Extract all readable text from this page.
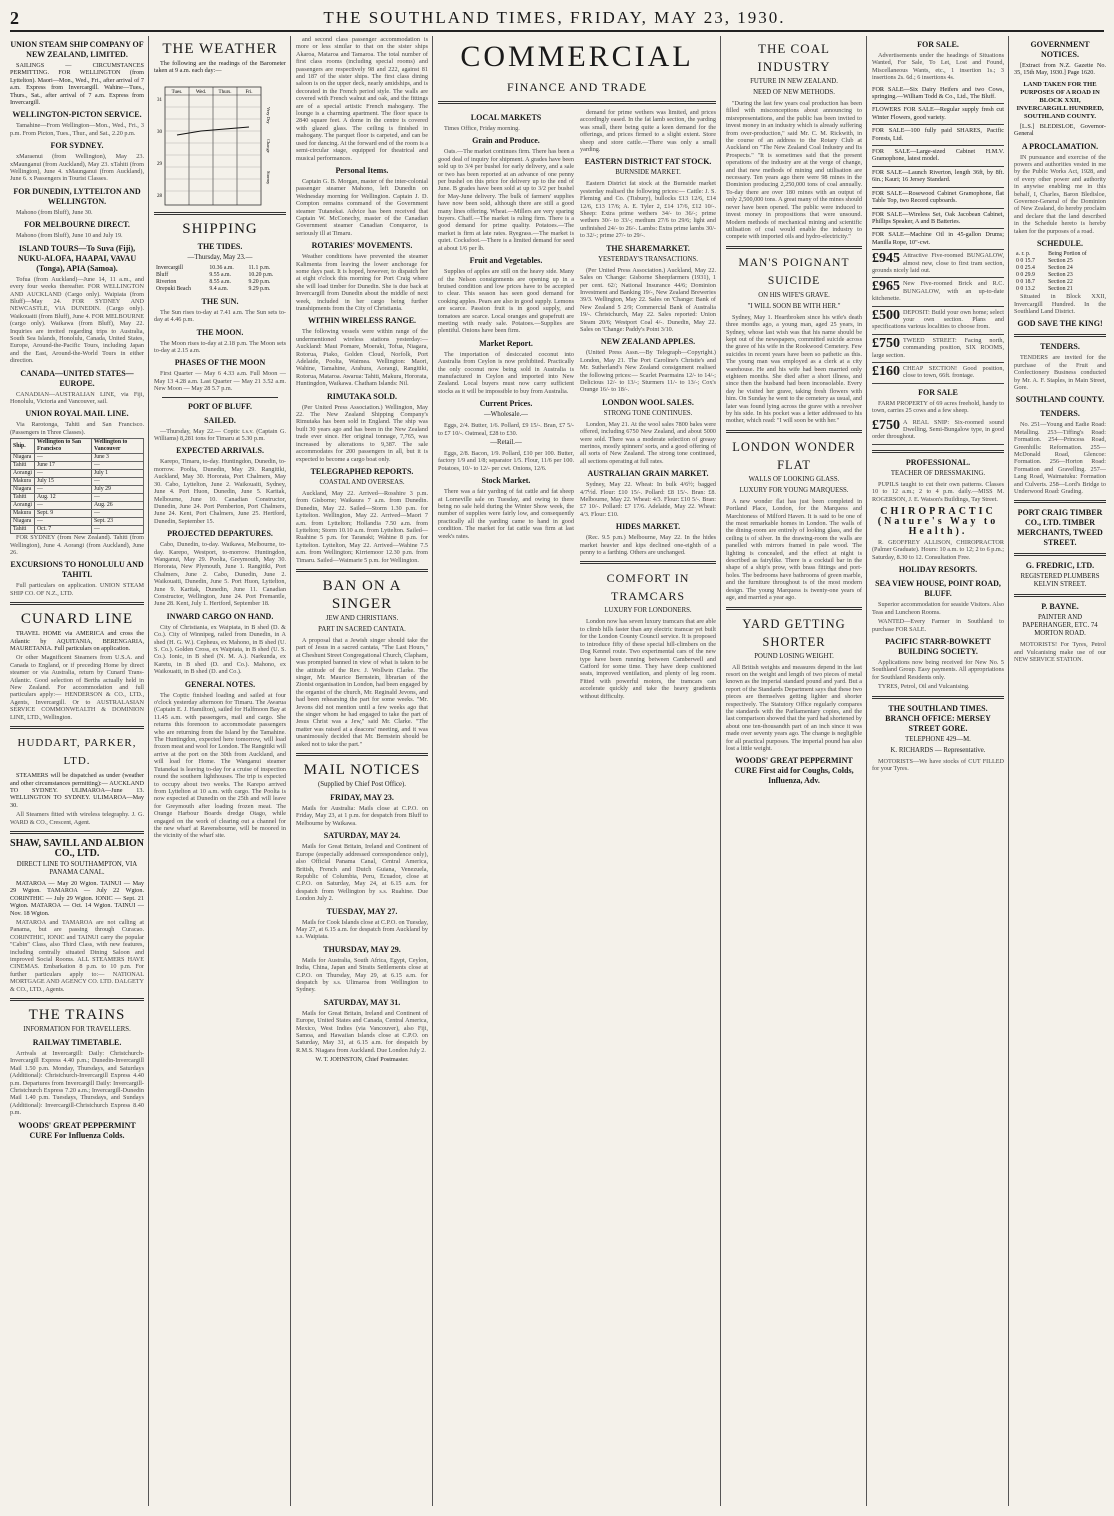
2	THE SOUTHLAND TIMES, FRIDAY, MAY 23, 1930.
UNION STEAM SHIP COMPANY OF NEW ZEALAND, LIMITED.

SAILINGS — CIRCUMSTANCES PERMITTING. FOR WELLINGTON (from Lyttelton). Maori—Mon., Wed., Fri., after arrival of 7 a.m. Express from Invercargill. Wahine—Tues., Thurs., Sat., after arrival of 7 a.m. Express from Invercargill.

WELLINGTON-PICTON SERVICE.

Tamahine—From Wellington—Mon., Wed., Fri., 3 p.m. From Picton, Tues., Thur., and Sat., 2.20 p.m.

FOR SYDNEY.

xMaraenui (from Wellington), May 23. xMaunganui (from Auckland), May 23. xTahiti (from Wellington), June 4. xMaunganui (from Auckland), June 6. x Passengers in Tourist Classes.

FOR DUNEDIN, LYTTELTON AND WELLINGTON.

Mahono (from Bluff), June 30.

FOR MELBOURNE DIRECT.

Mahono (from Bluff), June 10 and July 19.

ISLAND TOURS—To Suva (Fiji), NUKU-ALOFA, HAAPAI, VAVAU (Tonga), APIA (Samoa).

Tofua (from Auckland)—June 14, 11 a.m., and every four weeks thereafter. FOR WELLINGTON AND AUCKLAND (Cargo only). Waipiata (from Bluff)—May 24. FOR SYDNEY AND NEWCASTLE, VIA DUNEDIN. (Cargo only). Waikouaiti (from Bluff), June 4. FOR MELBOURNE (cargo only). Waikawa (from Bluff), May 22. Inquiries are invited regarding trips to Australia, South Sea Islands, Honolulu, Canada, United States, Europe, Around-the-Pacific Tours, including Japan and the East, Around-the-World Tours in either direction.

CANADA—UNITED STATES—EUROPE.

CANADIAN—AUSTRALIAN LINE, via Fiji, Honolulu, Victoria and Vancouver, sail.

UNION ROYAL MAIL LINE.

Via Rarotonga, Tahiti and San Francisco. (Passengers in Three Classes).

Ship.	Wellington to San Francisco	Wellington to Vancouver
Niagara	—	June 3
Tahiti	June 17	—
Aorangi	—	July 1
Makura	July 15	—
Niagara	—	July 29
Tahiti	Aug. 12	—
Aorangi	—	Aug. 26
Makura	Sept. 9	—
Niagara	—	Sept. 23
Tahiti	Oct. 7	—

FOR SYDNEY (from New Zealand). Tahiti (from Wellington), June 4. Aorangi (from Auckland), June 26.

EXCURSIONS TO HONOLULU AND TAHITI.

Full particulars on application. UNION STEAM SHIP CO. OF N.Z., LTD.

CUNARD LINE

TRAVEL HOME via AMERICA and cross the Atlantic by AQUITANIA, BERENGARIA, MAURETANIA. Full particulars on application.

Or other Magnificent Steamers from U.S.A. and Canada to England, or if preceding Home by direct steamer or via Australia, return by Cunard Trans-Atlantic. Good selection of Berths actually held in New Zealand. For accommodation and full particulars apply:— HENDERSON & CO., LTD., Agents, Invercargill. Or to AUSTRALASIAN SERVICE COMMONWEALTH & DOMINION LINE, LTD., Wellington.

HUDDART, PARKER, LTD.

STEAMERS will be dispatched as under (weather and other circumstances permitting):— AUCKLAND TO SYDNEY. ULIMAROA—June 13. WELLINGTON TO SYDNEY. ULIMAROA—May 30.

All Steamers fitted with wireless telegraphy. J. G. WARD & CO., Crescent, Agent.

SHAW, SAVILL AND ALBION CO., LTD.
DIRECT LINE TO SOUTHAMPTON, VIA PANAMA CANAL.

MATAROA — May 20 Wgton. TAINUI — May 29 Wgton. TAMAROA — July 22 Wgton. CORINTHIC — July 29 Wgton. IONIC — Sept. 21 Wgton. MATAROA — Oct. 14 Wgton. TAINUI — Nov. 18 Wgton.

MATAROA and TAMAROA are not calling at Panama, but are passing through Curacao. CORINTHIC, IONIC and TAINUI carry the popular "Cabin" Class, also Third Class, with new features, including centrally situated Dining Saloon and improved Social Rooms. ALL STEAMERS HAVE CINEMAS. Embarkation 8 p.m. to 10 p.m. For further particulars apply to:— NATIONAL MORTGAGE AND AGENCY CO. LTD. DALGETY & CO., LTD., Agents.

THE TRAINS
INFORMATION FOR TRAVELLERS.
RAILWAY TIMETABLE.

Arrivals at Invercargill: Daily: Christchurch-Invercargill Express 4.40 p.m.; Dunedin-Invercargill Mail 1.50 p.m. Monday, Thursdays, and Saturdays (Additional): Christchurch-Invercargill Express 4.40 p.m. Departures from Invercargill Daily: Invercargill-Christchurch Express 7.20 a.m.; Invercargill-Dunedin Mail 1.40 p.m. Tuesdays, Thursdays, and Sundays (Additional): Invercargill-Christchurch Express 8.40 p.m.

WOODS' GREAT PEPPERMINT CURE For Influenza Colds.
THE WEATHER

The following are the readings of the Barometer taken at 9 a.m. each day:—

Tues.	Wed. Thurs.	Fri.
31
30
29
28
Very Dry
Change
Stormy
SHIPPING
THE TIDES.
—Thursday, May 23.—
Invercargill	10.36 a.m.	11.1 p.m.
Bluff	9.55 a.m.	10.20 p.m.
Riverton	8.55 a.m.	9.20 p.m.
Orepuki Beach	9.4 a.m.	9.29 p.m.
THE SUN.

The Sun rises to-day at 7.41 a.m. The Sun sets to-day at 4.46 p.m.

THE MOON.

The Moon rises to-day at 2.18 p.m. The Moon sets to-day at 2.15 a.m.

PHASES OF THE MOON

First Quarter — May 6 4.33 a.m. Full Moon — May 13 4.28 a.m. Last Quarter — May 21 3.52 a.m. New Moon — May 28 5.7 p.m.

PORT OF BLUFF.
SAILED.

—Thursday, May 22.— Coptic t.s.v. (Captain G. Williams) 8,281 tons for Timaru at 5.30 p.m.

EXPECTED ARRIVALS.

Karepo, Timaru, to-day. Huntingdon, Dunedin, to-morrow. Poolta, Dunedin, May 29. Rangitiki, Auckland, May 30. Hororata, Port Chalmers, May 30. Cabo, Lyttelton, June 2. Waikouaiti, Sydney, June 4. Port Huon, Dunedin, June 5. Karitak, Melbourne, June 10. Canadian Constructor, Dunedin, June 24. Port Pemberton, Port Chalmers, June 24. Kent, Port Chalmers, June 25. Hertford, Dunedin, September 15.

PROJECTED DEPARTURES.

Cabo, Dunedin, to-day. Waikawa, Melbourne, to-day. Karepo, Westport, to-morrow. Huntingdon, Wanganui, May 29. Poolta, Greymouth, May 30. Hororata, New Plymouth, June 1. Rangitiki, Port Chalmers, June 2. Cabo, Dunedin, June 2. Waikouaiti, Dunedin, June 5. Port Huon, Lyttelton, June 9. Karitak, Dunedin, June 11. Canadian Constructor, Wellington, June 24. Port Fremantle, June 28. Kent, July 1. Hertford, September 18.

INWARD CARGO ON HAND.

City of Christiania, ex Waipiata, in B shed (D. & Co.). City of Winnipeg, railed from Dunedin, in A shed (H. G. W.). Cepheus, ex Mahono, in B shed (U. S. Co.). Golden Cross, ex Waipiata, in B shed (U. S. Co.). Ionic, in B shed (N. M. A.). Narkunda, ex Karetu, in B shed (D. and Co.). Mahono, ex Waikouaiti, in B shed (D. and Co.).

GENERAL NOTES.

The Coptic finished loading and sailed at four o'clock yesterday afternoon for Timaru. The Awarua (Captain E. J. Hamilton), sailed for Halfmoon Bay at 11.45 a.m. with passengers, mail and cargo. She returns this forenoon to accommodate passengers who are returning from the Island by the Tamahine. The Huntingdon, expected here tomorrow, will load frozen meat and wool for London. The Rangitiki will arrive at the port on the 30th from Auckland, and will load for Home. The Wanganui steamer Tutanekai is leaving to-day for a cruise of inspection round the southern lighthouses. The trip is expected to occupy about two weeks. The Karepo arrived from Lyttelton at 10 a.m. with cargo. The Poolta is now expected at Dunedin on the 25th and will leave for Greymouth after loading frozen meat. The Orange Harbour Boards dredge Otago, while engaged on the work of clearing out a channel for the new wharf at Ravensbourne, will be moored in the vicinity of the wharf site.

and second class passenger accommodation is more or less similar to that on the sister ships Akaroa, Mataroa and Tamaroa. The total number of first class rooms (including special rooms) and passengers are respectively 98 and 222, against 81 and 187 of the sister ships. The first class dining saloon is on the upper deck, nearly amidships, and is decorated in the French period style. The walls are covered with French walnut and oak, and the fittings are of a special artistic French mahogany. The lounge is a charming apartment. The floor space is 2840 square feet. A dome in the centre is covered with glazed glass. The ceiling is finished in mahogany. The parquet floor is carpeted, and can be used for dancing. At the forward end of the room is a semi-circular stage, equipped for theatrical and musical performances.

Personal Items.

Captain G. B. Morgan, master of the inter-colonial passenger steamer Mahono, left Dunedin on Wednesday morning for Wellington. Captain J. D. Compton remains command of the Government steamer Tutanekai. Advice has been received that Captain W. McConechy, master of the Canadian Government steamer Canadian Conqueror, is seriously ill at Timaru.

ROTARIES' MOVEMENTS.

Weather conditions have prevented the steamer Kalimenta from leaving the lower anchorage for some days past. It is hoped, however, to dispatch her at eight o'clock this morning for Port Craig where she will load timber for Dunedin. She is due back at Invercargill from Dunedin about the middle of next week, included in her cargo being further transhipments from the City of Christiania.

WITHIN WIRELESS RANGE.

The following vessels were within range of the undermentioned wireless stations yesterday:— Auckland: Maui Pomare, Moeraki, Tofua, Niagara, Rotorua, Piako, Golden Cloud, Norfolk, Port Adelaide, Poolta, Waimea. Wellington: Maori, Wahine, Tamahine, Arahura, Aorangi, Rangitiki, Rotorua, Mataroa. Awarua: Tahiti, Makura, Hororata, Huntingdon, Waikawa. Chatham Islands: Nil.

RIMUTAKA SOLD.

(Per United Press Association.) Wellington, May 22. The New Zealand Shipping Company's Rimutaka has been sold in England. The ship was built 30 years ago and has been in the New Zealand trade ever since. Her original tonnage, 7,765, was increased by alterations to 9,387. The sale accommodates for 200 passengers in all, but it is expected to become a cargo boat only.

TELEGRAPHED REPORTS.
COASTAL AND OVERSEAS.

Auckland, May 22. Arrived—Rosshire 3 p.m. from Gisborne; Waikaura 7 a.m. from Dunedin. Dunedin, May 22. Sailed—Storm 1.30 p.m. for Lyttelton. Wellington, May 22. Arrived—Maori 7 a.m. from Lyttelton; Hollandia 7.50 a.m. from Lyttelton; Storm 10.10 a.m. from Lyttelton. Sailed—Ruahine 5 p.m. for Taranaki; Wahine 8 p.m. for Lyttelton. Lyttelton, May 22. Arrived—Wahine 7.5 a.m. from Wellington; Kirriemoor 12.30 p.m. from Timaru. Sailed—Waimarie 5 p.m. for Wellington.

BAN ON A SINGER
JEW AND CHRISTIANS.
PART IN SACRED CANTATA.

A proposal that a Jewish singer should take the part of Jesus in a sacred cantata, "The Last Hours," at Cheshunt Street Congregational Church, Clapham, was prompted banned in view of what is taken to be the attitude of the Rev. J. Wollwin Clarke. The singer, Mr. Maurice Bernstein, librarian of the Zionist organisation in London, had been engaged by the organist of the church, Mr. Reginald Jevons, and had been rehearsing the part for some weeks. "Mr. Jevons did not mention until a few weeks ago that the singer whom he had engaged to take the part of Jesus Christ was a Jew," said Mr. Clarke. "The matter was raised at a deacons' meeting, and it was unanimously decided that Mr. Bernstein should be asked not to take the part."

MAIL NOTICES
(Supplied by Chief Post Office).
FRIDAY, MAY 23.

Mails for Australia: Mails close at C.P.O. on Friday, May 23, at 1 p.m. for despatch from Bluff to Melbourne by Waikawa.

SATURDAY, MAY 24.

Mails for Great Britain, Ireland and Continent of Europe (especially addressed correspondence only), also Official Panama Canal, Central America, British, French and Dutch Guiana, Venezuela, Republic of Columbia, Peru, Ecuador, close at C.P.O. on Saturday, May 24, at 6.15 a.m. for despatch from Wellington by s.s. Ruahine. Due London July 2.

TUESDAY, MAY 27.

Mails for Cook Islands close at C.P.O. on Tuesday, May 27, at 6.15 a.m. for despatch from Auckland by s.s. Waipiata.

THURSDAY, MAY 29.

Mails for Australia, South Africa, Egypt, Ceylon, India, China, Japan and Straits Settlements close at C.P.O. on Thursday, May 29, at 6.15 a.m. for despatch by s.s. Ulimaroa from Wellington to Sydney.

SATURDAY, MAY 31.

Mails for Great Britain, Ireland and Continent of Europe, United States and Canada, Central America, Mexico, West Indies (via Vancouver), also Fiji, Samoa, and Hawaiian Islands close at C.P.O. on Saturday, May 31, at 6.15 a.m. for despatch by R.M.S. Niagara from Auckland. Due London July 2.

W. T. JOHNSTON, Chief Postmaster.
COMMERCIAL
FINANCE AND TRADE
LOCAL MARKETS

Times Office, Friday morning.

Grain and Produce.

Oats.—The market continues firm. There has been a good deal of inquiry for shipment. A grades have been sold up to 3/4 per bushel for early delivery, and a sale or two has been reported at an advance of one penny per bushel on this price for delivery up to the end of June. B grades have been sold at up to 3/2 per bushel for May-June delivery. The bulk of farmers' supplies have now been sold, although there are still a good many lines offering. Wheat.—Millers are very sparing buyers. Chaff.—The market is ruling firm. There is a good demand for prime quality. Potatoes.—The market is firm at late rates. Ryegrass.—The market is quiet. Cocksfoot.—There is a limited demand for seed at about 1/6 per lb.

Fruit and Vegetables.

Supplies of apples are still on the heavy side. Many of the Nelson consignments are opening up in a bruised condition and low prices have to be accepted to clear. This season has seen good demand for cooking apples. Pears are also in good supply. Lemons are scarce. Passion fruit is in good supply, and tomatoes are scarce. Local oranges and grapefruit are meeting with ready sale. Potatoes.—Supplies are plentiful. Onions have been firm.

Market Report.

The importation of desiccated coconut into Australia from Ceylon is now prohibited. Practically the only coconut now being sold in Australia is manufactured in Ceylon and imported into New Zealand. Local buyers must now carry sufficient stocks as it will be impossible to buy from Australia.

Current Prices.
—Wholesale.—

Eggs, 2/4. Butter, 1/6. Pollard, £9 15/-. Bran, £7 5/- to £7 10/-. Oatmeal, £28 to £30.

—Retail.—

Eggs, 2/8. Bacon, 1/9. Pollard, £10 per 100. Butter, factory 1/9 and 1/8; separator 1/5. Flour, 11/6 per 100. Potatoes, 10/- to 12/- per cwt. Onions, 12/6.

Stock Market.

There was a fair yarding of fat cattle and fat sheep at Lorneville sale on Tuesday, and owing to there being no sale held during the Winter Show week, the number of supplies were fairly low, and consequently practically all the yarding came to hand in good condition. The market for fat cattle was firm at last week's rates.

demand for prime wethers was limited, and prices accordingly eased. In the fat lamb section, the yarding was small, there being quite a keen demand for the offerings, and prices firmed to a slight extent. Store sheep and store cattle.—There was only a small yarding.

EASTERN DISTRICT FAT STOCK.
BURNSIDE MARKET.

Eastern District fat stock at the Burnside market yesterday realised the following prices:— Cattle: J. S. Fleming and Co. (Tisbury), bullocks £13 12/6, £14 12/6, £13 17/6; A. E. Tyler 2, £14 17/6, £12 10/-. Sheep: Extra prime wethers 34/- to 36/-; prime wethers 30/- to 33/-; medium 27/6 to 29/6; light and unfinished 24/- to 26/-. Lambs: Extra prime lambs 30/- to 32/-; prime 27/- to 29/-.

THE SHAREMARKET.
YESTERDAY'S TRANSACTIONS.

(Per United Press Association.) Auckland, May 22. Sales on 'Change: Gisborne Sheepfarmers (1931), 1 per cent. 62/; National Insurance 44/6; Dominion Investment and Banking 19/-, New Zealand Breweries 39/3. Wellington, May 22. Sales on 'Change: Bank of New Zealand 5 2/9; Commercial Bank of Australia 19/-. Christchurch, May 22. Sales reported: Union Steam 20/6; Westport Coal 4/-. Dunedin, May 22. Sales on 'Change: Paddy's Point 3/10.

NEW ZEALAND APPLES.

(United Press Assn.—By Telegraph—Copyright.) London, May 21. The Port Caroline's Christie's and Mr. Sutherland's New Zealand consignment realised the following prices:— Scarlet Pearmains 12/- to 14/-; Delicious 12/- to 13/-; Sturmers 11/- to 13/-; Cox's Orange 16/- to 18/-.

LONDON WOOL SALES.
STRONG TONE CONTINUES.

London, May 21. At the wool sales 7800 bales were offered, including 6750 New Zealand, and about 5000 were sold. There was a moderate selection of greasy merinos, mostly spinners' sorts, and a good offering of all sorts of New Zealand. The strong tone continued, all sections operating at full rates.

AUSTRALIAN GRAIN MARKET.

Sydney, May 22. Wheat: In bulk 4/6½; bagged 4/7½d. Flour: £10 15/-. Pollard: £8 15/-. Bran: £8. Melbourne, May 22. Wheat: 4/3. Flour: £10 5/-. Bran: £7 10/-. Pollard: £7 17/6. Adelaide, May 22. Wheat: 4/3. Flour: £10.

HIDES MARKET.

(Rec. 9.5 p.m.) Melbourne, May 22. In the hides market heavier and kips declined one-eighth of a penny to a farthing. Others are unchanged.

COMFORT IN TRAMCARS
LUXURY FOR LONDONERS.

London now has seven luxury tramcars that are able to climb hills faster than any electric tramcar yet built for the London County Council service. It is proposed to introduce fifty of these special hill-climbers on the Dog Kennel route. Two experimental cars of the new type have been running between Camberwell and Catford for some time. They have deep cushioned seats, improved ventilation, and plenty of leg room. Fitted with powerful motors, the tramcars can accelerate quickly and take the heavy gradients without difficulty.

THE COAL INDUSTRY
FUTURE IN NEW ZEALAND.
NEED OF NEW METHODS.

"During the last few years coal production has been filled with misconceptions about announcing to misrepresentations, and the public has been invited to invest money in an industry which is already suffering from over-production," said Mr. C. M. Rickwith, in the course of an address to the Rotary Club at Auckland on "The New Zealand Coal Industry and Its Prospects." "It is sometimes said that the present operations of the industry are at the verge of change, and that new methods of mining and utilisation are necessary. Ten years ago there were 98 mines in the Dominion producing 2,250,000 tons of coal annually. To-day there are over 180 mines with an output of only 2,500,000 tons. A great many of the mines should never have been opened. The public were induced to invest money in propositions that were unsound. Modern methods of mechanical mining and scientific utilisation of coal would enable the industry to compete with imported oils and hydro-electricity."

MAN'S POIGNANT SUICIDE
ON HIS WIFE'S GRAVE.
"I WILL SOON BE WITH HER."

Sydney, May 1. Heartbroken since his wife's death three months ago, a young man, aged 25 years, in Sydney, whose last wish was that his name should be kept out of the newspapers, committed suicide across the grave of his wife in the Rookwood Cemetery. Few suicides in recent years have been so pathetic as this. The young man was employed as a clerk at a city warehouse. He and his wife had been married only eighteen months. She died after a short illness, and since then the husband had been inconsolable. Every day he visited her grave, taking fresh flowers with him. On Sunday he went to the cemetery as usual, and later was found lying across the grave with a revolver by his side. In his pocket was a letter addressed to his mother, which read: "I will soon be with her."

LONDON WONDER FLAT
WALLS OF LOOKING GLASS.
LUXURY FOR YOUNG MARQUESS.

A new wonder flat has just been completed in Portland Place, London, for the Marquess and Marchioness of Milford Haven. It is said to be one of the most remarkable homes in London. The walls of the dining-room are entirely of looking glass, and the ceiling is of silver. In the drawing-room the walls are panelled with mirrors framed in pale wood. The lighting is concealed, and the effect at night is described as fairylike. There is a cocktail bar in the shape of a ship's prow, with brass fittings and port-holes. The bedrooms have bathrooms of green marble, and the furniture throughout is of the most modern design. The young Marquess is twenty-one years of age, and married a year ago.

YARD GETTING SHORTER
POUND LOSING WEIGHT.

All British weights and measures depend in the last resort on the weight and length of two pieces of metal known as the imperial standard pound and yard. But a report of the Standards Department says that these two pieces are themselves getting lighter and shorter respectively. The Statutory Office regularly compares the standards with the Parliamentary copies, and the last comparison showed that the yard had shortened by about one ten-thousandth part of an inch since it was made over seventy years ago. The change is negligible for all practical purposes. The imperial pound has also lost a little weight.

WOODS' GREAT PEPPERMINT CURE First aid for Coughs, Colds, Influenza, Adv.
FOR SALE.

Advertisements under the headings of Situations Wanted, For Sale, To Let, Lost and Found, Miscellaneous Wants, etc., 1 insertion 1s.; 3 insertions 2s. 6d.; 6 insertions 4s.

FOR SALE—Six Dairy Heifers and two Cows, springing.—William Todd & Co., Ltd., The Bluff.
FLOWERS FOR SALE—Regular supply fresh cut Winter Flowers, good variety.
FOR SALE—100 fully paid SHARES, Pacific Forests, Ltd.
FOR SALE—Large-sized Cabinet H.M.V. Gramophone, latest model.
FOR SALE—Launch Riverton, length 36ft, by 8ft. 6in.; Kauri; 16 Jersey Standard.
FOR SALE—Rosewood Cabinet Gramophone, flat Table Top, two Record cupboards.
FOR SALE—Wireless Set, Oak Jacobean Cabinet, Phillips Speaker, A and B Batteries.
FOR SALE—Machine Oil in 45-gallon Drums; Manilla Rope, 10"-cwt.
£945 Attractive Five-roomed BUNGALOW, almost new, close to first tram section, grounds nicely laid out.
£965 New Five-roomed Brick and R.C. BUNGALOW, with an up-to-date kitchenette.
£500 DEPOSIT: Build your own home; select your own section. Plans and specifications various localities to choose from.
£750 TWEED STREET: Facing north, commanding position, SIX ROOMS, large section.
£160 CHEAP SECTION! Good position, close to town, 66ft. frontage.
FOR SALE

FARM PROPERTY of 69 acres freehold, handy to town, carries 25 cows and a few sheep.

£750 A REAL SNIP: Six-roomed sound Dwelling, Semi-Bungalow type, in good order throughout.
PROFESSIONAL.
TEACHER OF DRESSMAKING.

PUPILS taught to cut their own patterns. Classes 10 to 12 a.m.; 2 to 4 p.m. daily.—MISS M. ROGERSON, J. E. Watson's Buildings, Tay Street.

CHIROPRACTIC (Nature's Way to Health).

R. GEOFFREY ALLISON, CHIROPRACTOR (Palmer Graduate). Hours: 10 a.m. to 12; 2 to 6 p.m.; Saturday, 8.30 to 12. Consultation Free.

HOLIDAY RESORTS.
SEA VIEW HOUSE, POINT ROAD, BLUFF.

Superior accommodation for seaside Visitors. Also Teas and Luncheon Rooms.

WANTED—Every Farmer in Southland to purchase FOR SALE.

PACIFIC STARR-BOWKETT BUILDING SOCIETY.

Applications now being received for New No. 5 Southland Group. Easy payments. All appropriations for Southland Residents only.

TYRES, Petrol, Oil and Vulcanising.

THE SOUTHLAND TIMES. BRANCH OFFICE: MERSEY STREET GORE.
TELEPHONE 429—M.
K. RICHARDS — Representative.

MOTORISTS—We have stocks of CUT FILLED for your Tyres.

GOVERNMENT NOTICES.

[Extract from N.Z. Gazette No. 35, 15th May, 1930.] Page 1620.

LAND TAKEN FOR THE PURPOSES OF A ROAD IN BLOCK XXII, INVERCARGILL HUNDRED, SOUTHLAND COUNTY.

[L.S.] BLEDISLOE, Governor-General

A PROCLAMATION.

IN pursuance and exercise of the powers and authorities vested in me by the Public Works Act, 1928, and of every other power and authority in anywise enabling me in this behalf, I, Charles, Baron Bledisloe, Governor-General of the Dominion of New Zealand, do hereby proclaim and declare that the land described in the Schedule hereto is hereby taken for the purposes of a road.

SCHEDULE.
a. r. p.	Being Portion of
0 0 15.7	Section 25
0 0 25.4	Section 24
0 0 29.9	Section 23
0 0 18.7	Section 22
0 0 13.2	Section 21

Situated in Block XXII, Invercargill Hundred. In the Southland Land District.

GOD SAVE THE KING!
TENDERS.

TENDERS are invited for the purchase of the Fruit and Confectionery Business conducted by Mr. A. F. Staples, in Main Street, Gore.

SOUTHLAND COUNTY.
TENDERS.

No. 251—Young and Eadie Road: Metalling. 253—Tiffing's Road: Formation. 254—Princess Road, Greenhills: Reformation. 255—McDonald Road, Glencoe: Formation. 256—Horton Road: Formation and Gravelling. 257—Lang Road, Waimatuku: Formation and Culverts. 258—Lord's Bridge to Underwood Road: Grading.

PORT CRAIG TIMBER CO., LTD. TIMBER MERCHANTS, TWEED STREET.
G. FREDRIC, LTD.
REGISTERED PLUMBERS KELVIN STREET.
P. BAYNE.
PAINTER AND PAPERHANGER, ETC. 74 MORTON ROAD.

MOTORISTS! For Tyres, Petrol and Vulcanising make use of our NEW SERVICE STATION.
